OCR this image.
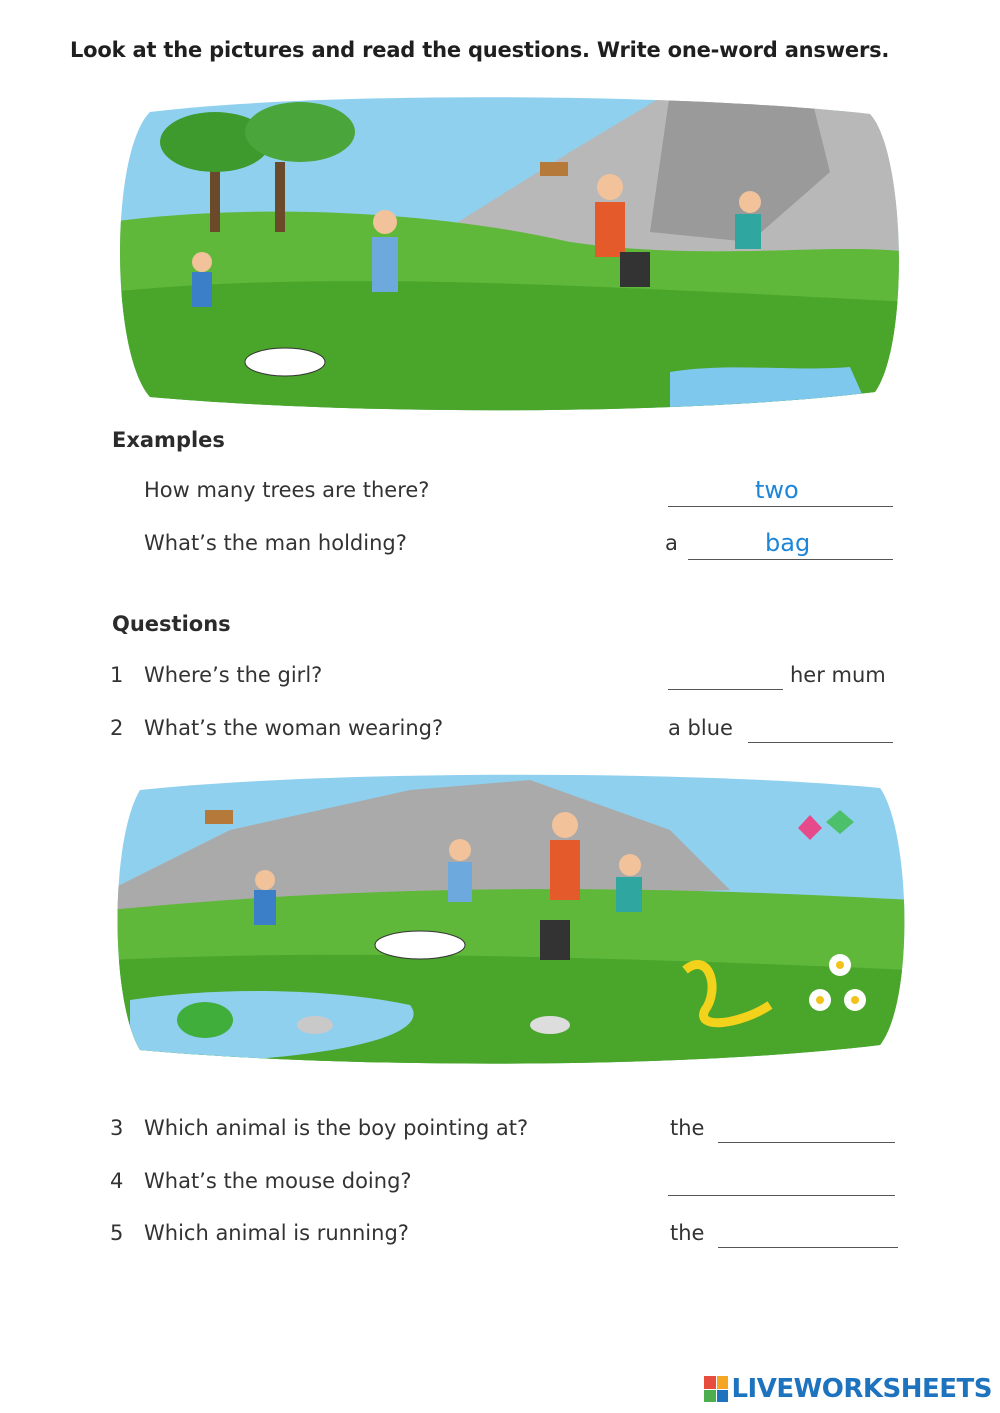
Look at the pictures and read the questions. Write one-word answers.
Examples
How many trees are there?	two
What’s the man holding?	a	bag
Questions
1 Where’s the girl?	her mum
2 What’s the woman wearing?	a blue
3 Which animal is the boy pointing at?	the
4 What’s the mouse doing?
5 Which animal is running?	the
LIVEWORKSHEETS
